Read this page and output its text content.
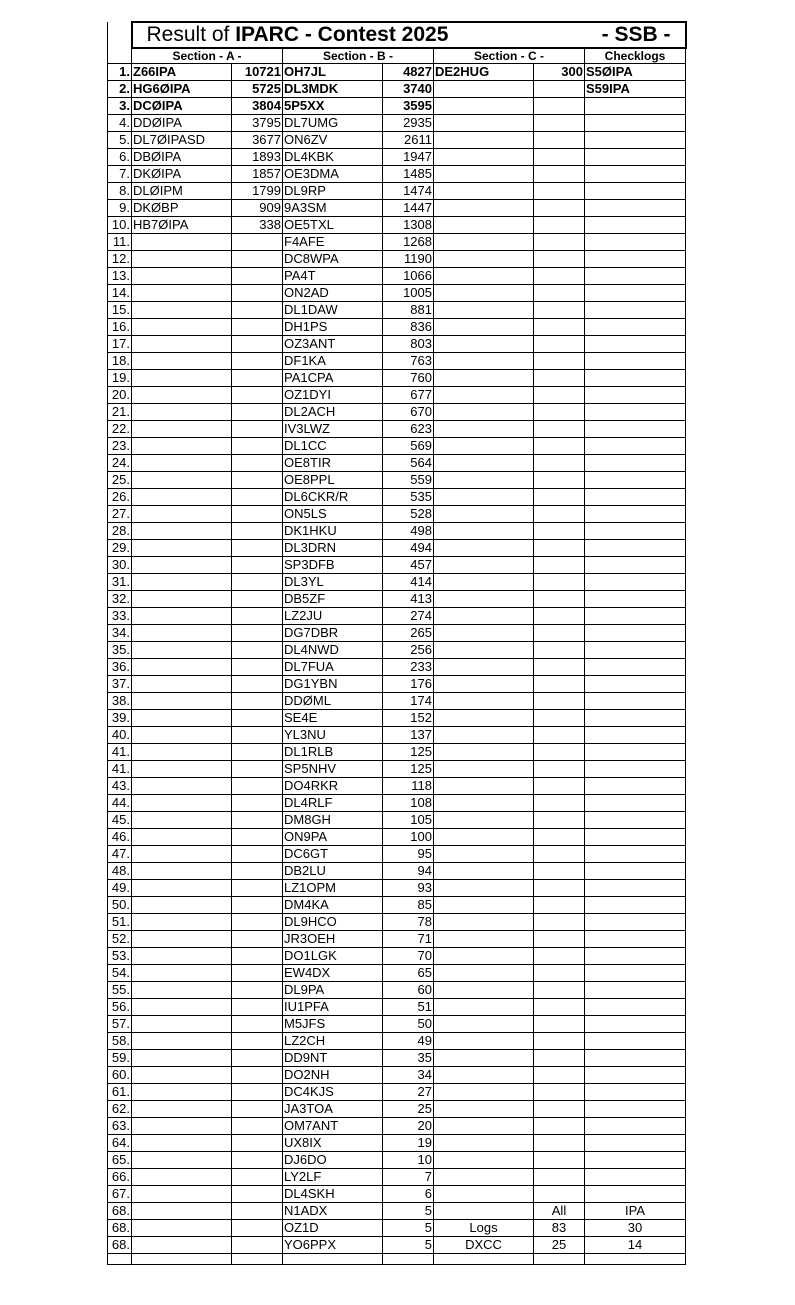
	- SSB -
Result of IPARC - Contest 2025						
	Section - A -		Section - B -		Section - C -		Checklogs
1.	Z66IPA	10721	OH7JL	4827	DE2HUG	300	S5ØIPA
2.	HG6ØIPA	5725	DL3MDK	3740			S59IPA
3.	DCØIPA	3804	5P5XX	3595			
4.	DDØIPA	3795	DL7UMG	2935			
5.	DL7ØIPASD	3677	ON6ZV	2611			
6.	DBØIPA	1893	DL4KBK	1947			
7.	DKØIPA	1857	OE3DMA	1485			
8.	DLØIPM	1799	DL9RP	1474			
9.	DKØBP	909	9A3SM	1447			
10.	HB7ØIPA	338	OE5TXL	1308			
11.			F4AFE	1268			
12.			DC8WPA	1190			
13.			PA4T	1066			
14.			ON2AD	1005			
15.			DL1DAW	881			
16.			DH1PS	836			
17.			OZ3ANT	803			
18.			DF1KA	763			
19.			PA1CPA	760			
20.			OZ1DYI	677			
21.			DL2ACH	670			
22.			IV3LWZ	623			
23.			DL1CC	569			
24.			OE8TIR	564			
25.			OE8PPL	559			
26.			DL6CKR/R	535			
27.			ON5LS	528			
28.			DK1HKU	498			
29.			DL3DRN	494			
30.			SP3DFB	457			
31.			DL3YL	414			
32.			DB5ZF	413			
33.			LZ2JU	274			
34.			DG7DBR	265			
35.			DL4NWD	256			
36.			DL7FUA	233			
37.			DG1YBN	176			
38.			DDØML	174			
39.			SE4E	152			
40.			YL3NU	137			
41.			DL1RLB	125			
41.			SP5NHV	125			
43.			DO4RKR	118			
44.			DL4RLF	108			
45.			DM8GH	105			
46.			ON9PA	100			
47.			DC6GT	95			
48.			DB2LU	94			
49.			LZ1OPM	93			
50.			DM4KA	85			
51.			DL9HCO	78			
52.			JR3OEH	71			
53.			DO1LGK	70			
54.			EW4DX	65			
55.			DL9PA	60			
56.			IU1PFA	51			
57.			M5JFS	50			
58.			LZ2CH	49			
59.			DD9NT	35			
60.			DO2NH	34			
61.			DC4KJS	27			
62.			JA3TOA	25			
63.			OM7ANT	20			
64.			UX8IX	19			
65.			DJ6DO	10			
66.			LY2LF	7			
67.			DL4SKH	6			
68.			N1ADX	5		All	IPA
68.			OZ1D	5	Logs	83	30
68.			YO6PPX	5	DXCC	25	14
